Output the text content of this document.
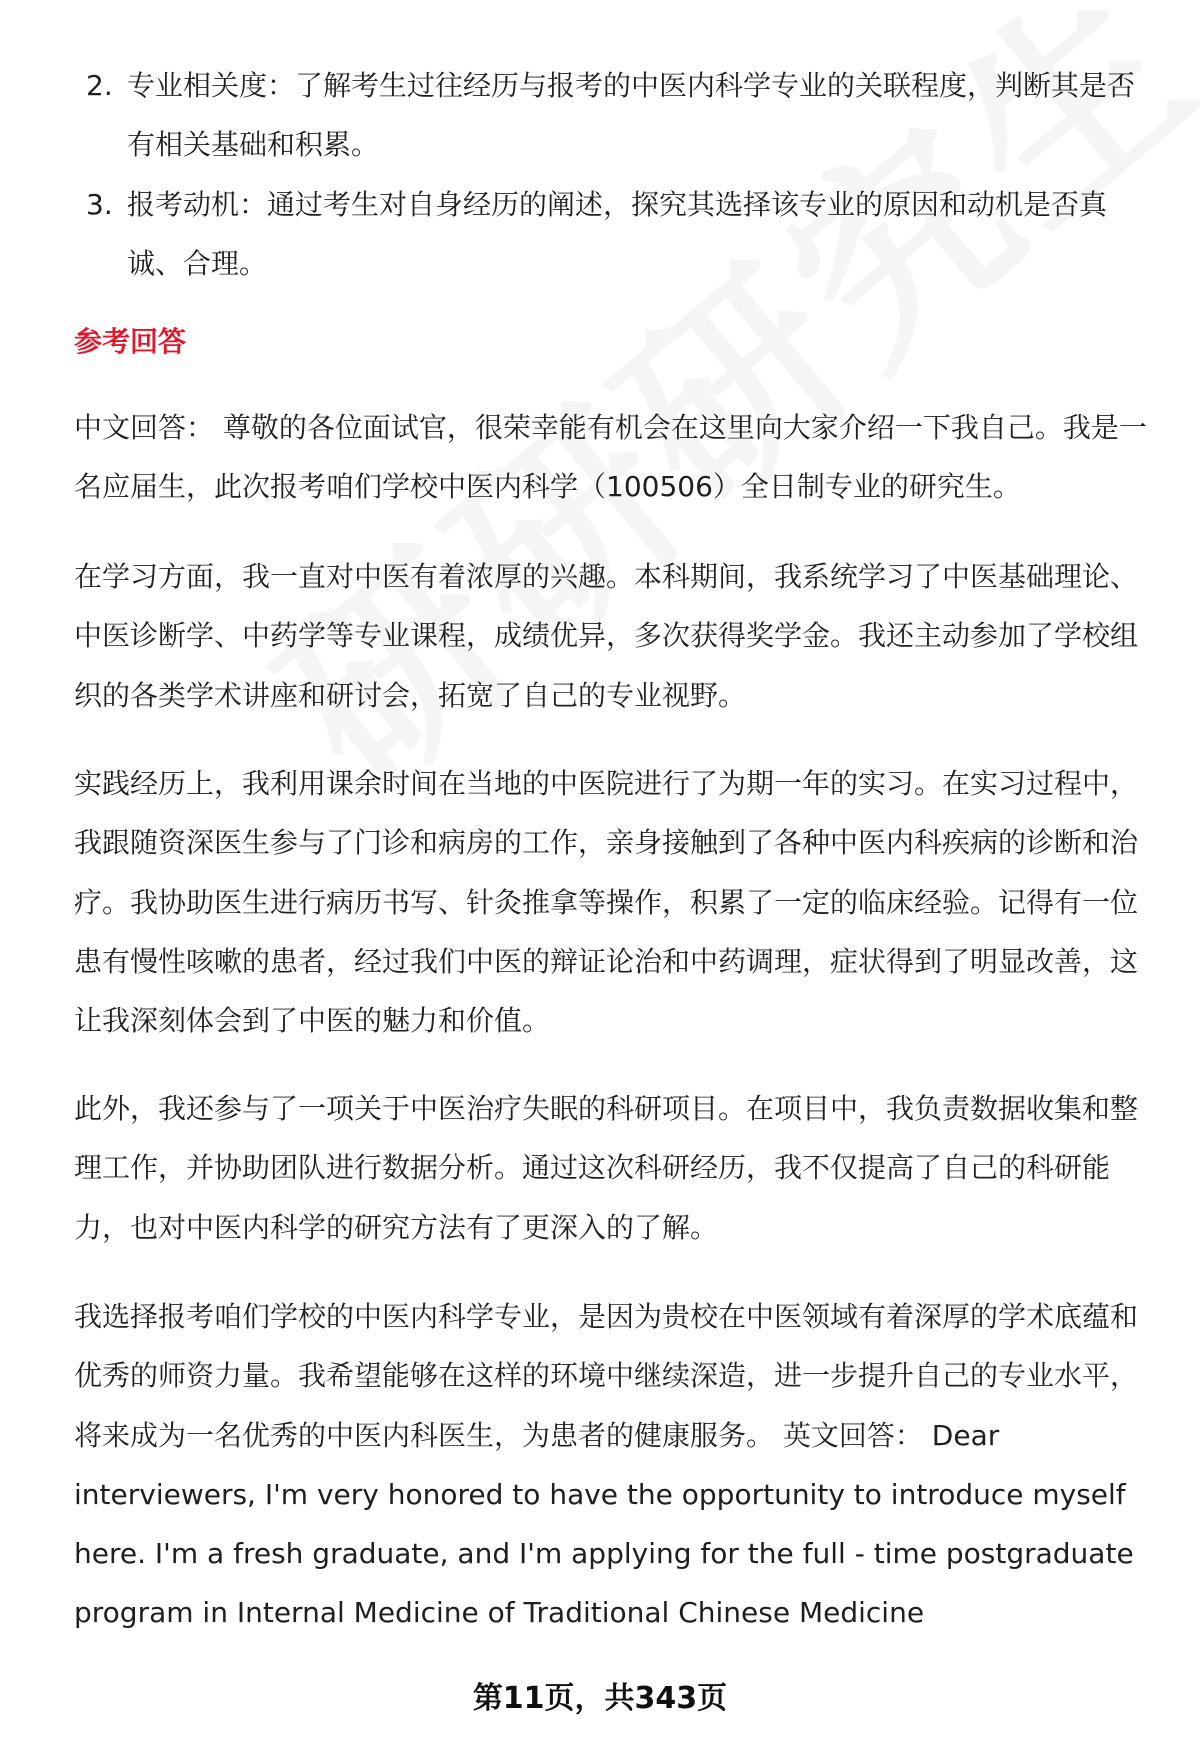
2. 专业相关度：了解考生过往经历与报考的中医内科学专业的关联程度，判断其是否有相关基础和积累。
3. 报考动机：通过考生对自身经历的阐述，探究其选择该专业的原因和动机是否真诚、合理。
参考回答

中文回答： 尊敬的各位面试官，很荣幸能有机会在这里向大家介绍一下我自己。我是一名应届生，此次报考咱们学校中医内科学（100506）全日制专业的研究生。

在学习方面，我一直对中医有着浓厚的兴趣。本科期间，我系统学习了中医基础理论、中医诊断学、中药学等专业课程，成绩优异，多次获得奖学金。我还主动参加了学校组织的各类学术讲座和研讨会，拓宽了自己的专业视野。

实践经历上，我利用课余时间在当地的中医院进行了为期一年的实习。在实习过程中，我跟随资深医生参与了门诊和病房的工作，亲身接触到了各种中医内科疾病的诊断和治疗。我协助医生进行病历书写、针灸推拿等操作，积累了一定的临床经验。记得有一位患有慢性咳嗽的患者，经过我们中医的辩证论治和中药调理，症状得到了明显改善，这让我深刻体会到了中医的魅力和价值。

此外，我还参与了一项关于中医治疗失眠的科研项目。在项目中，我负责数据收集和整理工作，并协助团队进行数据分析。通过这次科研经历，我不仅提高了自己的科研能力，也对中医内科学的研究方法有了更深入的了解。

我选择报考咱们学校的中医内科学专业，是因为贵校在中医领域有着深厚的学术底蕴和优秀的师资力量。我希望能够在这样的环境中继续深造，进一步提升自己的专业水平，将来成为一名优秀的中医内科医生，为患者的健康服务。 英文回答： Dear interviewers, I'm very honored to have the opportunity to introduce myself here. I'm a fresh graduate, and I'm applying for the full - time postgraduate program in Internal Medicine of Traditional Chinese Medicine

第11页，共343页
